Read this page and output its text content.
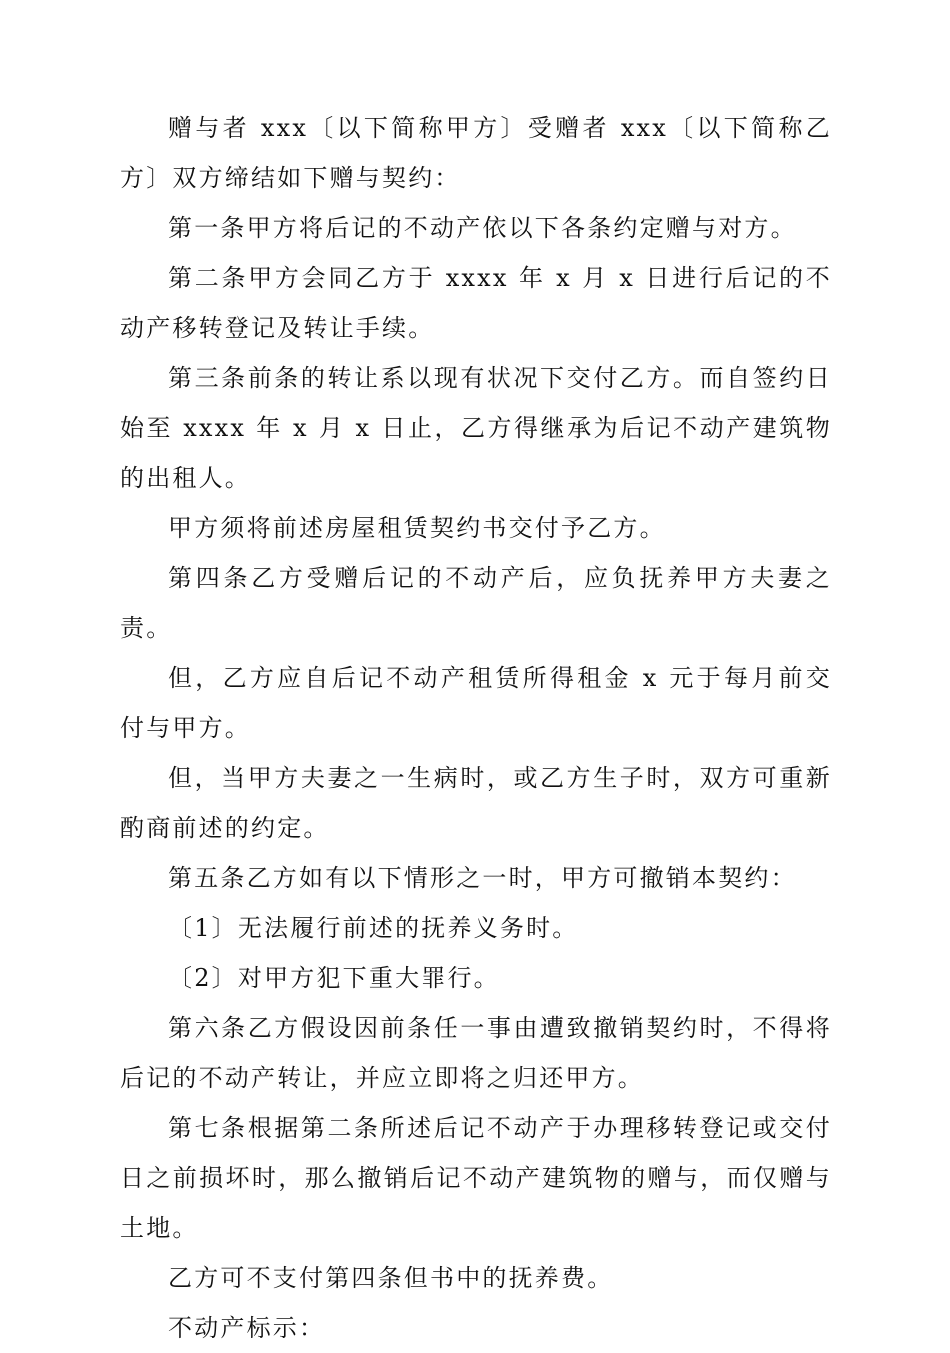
赠与者 xxx〔以下简称甲方〕受赠者 xxx〔以下简称乙方〕双方缔结如下赠与契约：

第一条甲方将后记的不动产依以下各条约定赠与对方。

第二条甲方会同乙方于 xxxx 年 x 月 x 日进行后记的不动产移转登记及转让手续。

第三条前条的转让系以现有状况下交付乙方。而自签约日始至 xxxx 年 x 月 x 日止，乙方得继承为后记不动产建筑物的出租人。

甲方须将前述房屋租赁契约书交付予乙方。

第四条乙方受赠后记的不动产后，应负抚养甲方夫妻之责。

但，乙方应自后记不动产租赁所得租金 x 元于每月前交付与甲方。

但，当甲方夫妻之一生病时，或乙方生子时，双方可重新酌商前述的约定。

第五条乙方如有以下情形之一时，甲方可撤销本契约：

〔1〕无法履行前述的抚养义务时。

〔2〕对甲方犯下重大罪行。

第六条乙方假设因前条任一事由遭致撤销契约时，不得将后记的不动产转让，并应立即将之归还甲方。

第七条根据第二条所述后记不动产于办理移转登记或交付日之前损坏时，那么撤销后记不动产建筑物的赠与，而仅赠与土地。

乙方可不支付第四条但书中的抚养费。

不动产标示：
